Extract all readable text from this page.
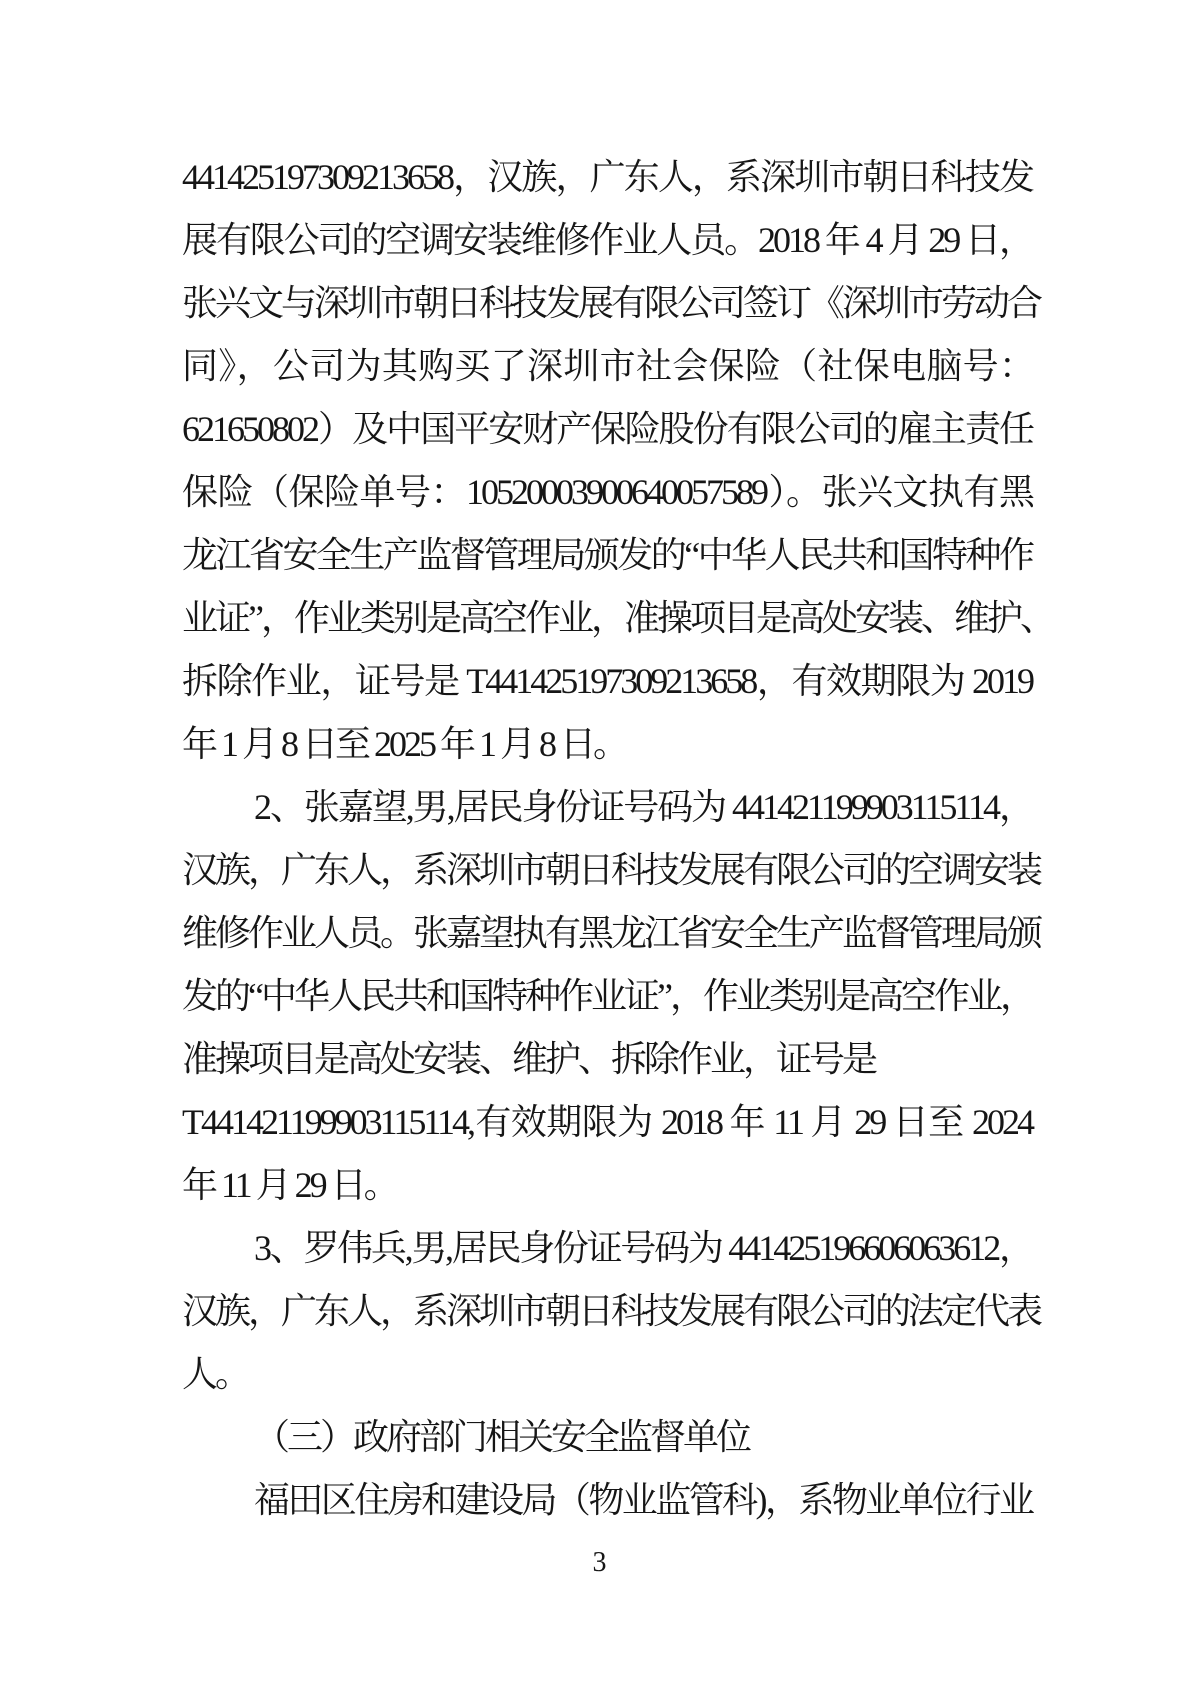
441425197309213658，汉族，广东人，系深圳市朝日科技发
展有限公司的空调安装维修作业人员。2018 年 4 月 29 日，
张兴文与深圳市朝日科技发展有限公司签订《深圳市劳动合
同》，公司为其购买了深圳市社会保险（社保电脑号：
621650802）及中国平安财产保险股份有限公司的雇主责任
保险（保险单号：10520003900640057589）。张兴文执有黑
龙江省安全生产监督管理局颁发的“中华人民共和国特种作
业证”，作业类别是高空作业，准操项目是高处安装、维护、
拆除作业，证号是 T441425197309213658，有效期限为 2019
年 1 月 8 日至 2025 年 1 月 8 日。
2、张嘉望,男,居民身份证号码为 441421199903115114，
汉族，广东人，系深圳市朝日科技发展有限公司的空调安装
维修作业人员。张嘉望执有黑龙江省安全生产监督管理局颁
发的“中华人民共和国特种作业证”，作业类别是高空作业，
准操项目是高处安装、维护、拆除作业，证号是
T441421199903115114,有效期限为 2018 年 11 月 29 日至 2024
年 11 月 29 日。
3、罗伟兵,男,居民身份证号码为 441425196606063612，
汉族，广东人，系深圳市朝日科技发展有限公司的法定代表
人。
（三）政府部门相关安全监督单位
福田区住房和建设局（物业监管科)，系物业单位行业
3
